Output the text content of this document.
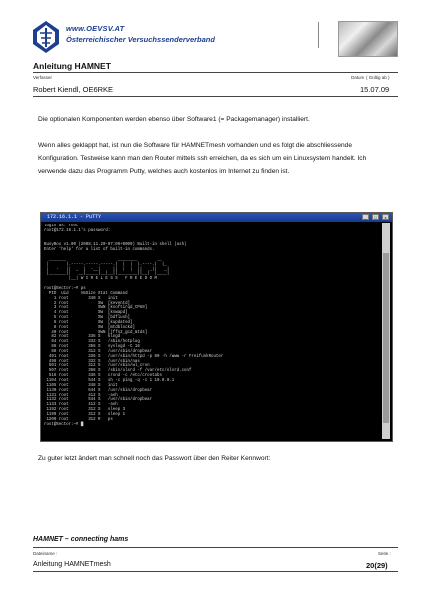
www.OEVSV.AT
Österreichischer Versuchssenderverband
Anleitung HAMNET
Verfasser
Robert Kiendl, OE6RKE
Datum ( Gültig ab )
15.07.09
Die optionalen Komponenten werden ebenso über Software1 (= Packagemanager) installiert.
Wenn alles geklappt hat, ist nun die Software für HAMNETmesh vorhanden und es folgt die abschliessende Konfiguration. Testweise kann man den Router mittels ssh erreichen, da es sich um ein Linuxsystem handelt. Ich verwende dazu das Programm Putty, welches auch kostenlos im Internet zu finden ist.
172.16.1.1 - PuTTY	_	□	x
login as: root
root@172.16.1.1's password:

BusyBox v1.00 (2008.11.20-07:06+0000) Built-in shell (ash)
Enter 'help' for a list of built-in commands.

_______                     ________        __
|       |.-----.-----.-----.|  |  |  |.----.|  |_
|   -   ||  _  |  -__|     ||  |  |  ||   _||   _|
|_______||   __|_____|__|__||________||__|  |____|
|__| W I R E L E S S   F R E E D O M

root@Sector:~# ps
PID  Uid     VmSize Stat Command
1 root        340 S   init
2 root            SW  [keventd]
3 root            SWN [ksoftirqd_CPU0]
4 root            SW  [kswapd]
5 root            SW  [bdflush]
6 root            SW  [kupdated]
8 root            SW  [mtdblockd]
40 root            SWN [jffs2_gcd_mtd4]
82 root        336 S   klogd
84 root        332 S   /sbin/hotplug
86 root        356 S   syslogd -C 16
88 root        312 S   /usr/sbin/dropbear
491 root        336 S   /usr/sbin/httpd -p 80 -h /www -r FreifunkRouter
498 root        332 S   /usr/sbin/nas
501 root        312 S   /usr/sbin/wl_cron
507 root        368 S   /sbin/olsrd -f /var/etc/olsrd.conf
516 root        336 S   crond -c /etc/crontabs
1104 root        544 S   sh -c ping -q -c 1 10.0.0.1
1105 root        348 S   init
1130 root        644 S   /usr/sbin/dropbear
1131 root        412 S   -ash
1132 root        544 S   /usr/sbin/dropbear
1133 root        412 S   -ash
1192 root        312 S   sleep 3
1199 root        312 S   sleep 1
1200 root        312 R   ps
root@Sector:~# █

Zu guter letzt ändert man schnell noch das Passwort über den Reiter Kennwort:
HAMNET – connecting hams
Dateiname :
Anleitung HAMNETmesh
Seite :
20(29)
